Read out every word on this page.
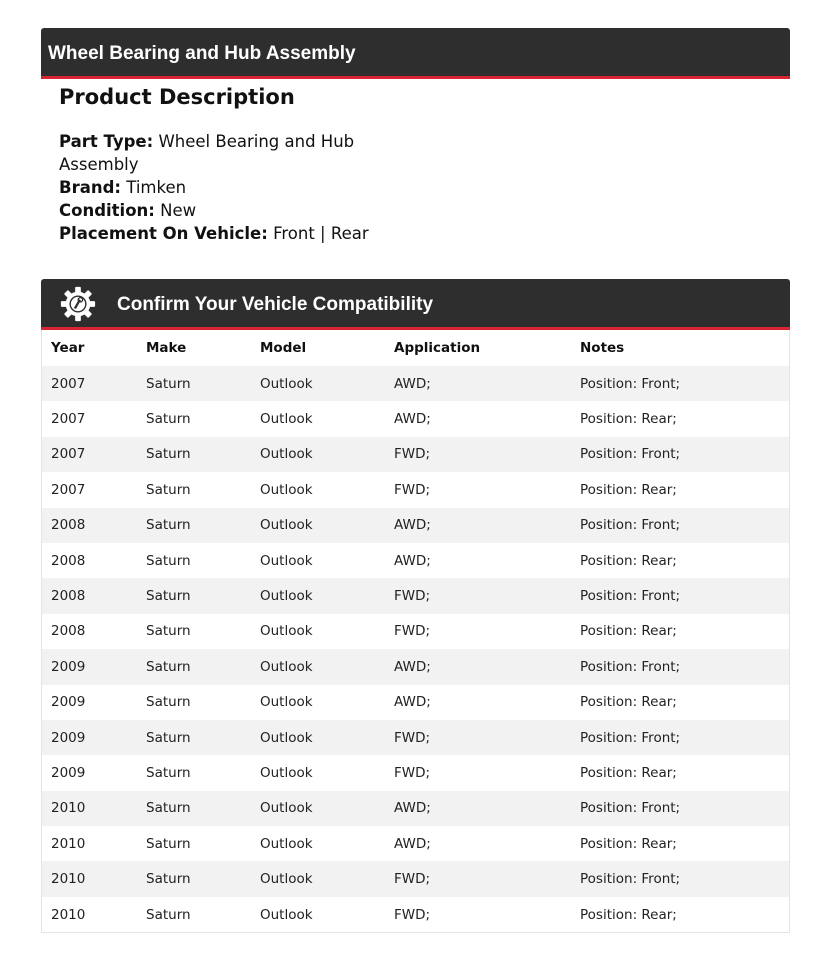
Wheel Bearing and Hub Assembly
Product Description
Part Type: Wheel Bearing and Hub Assembly
Brand: Timken
Condition: New
Placement On Vehicle: Front | Rear
Confirm Your Vehicle Compatibility
Year	Make	Model	Application	Notes
2007	Saturn	Outlook	AWD;	Position: Front;
2007	Saturn	Outlook	AWD;	Position: Rear;
2007	Saturn	Outlook	FWD;	Position: Front;
2007	Saturn	Outlook	FWD;	Position: Rear;
2008	Saturn	Outlook	AWD;	Position: Front;
2008	Saturn	Outlook	AWD;	Position: Rear;
2008	Saturn	Outlook	FWD;	Position: Front;
2008	Saturn	Outlook	FWD;	Position: Rear;
2009	Saturn	Outlook	AWD;	Position: Front;
2009	Saturn	Outlook	AWD;	Position: Rear;
2009	Saturn	Outlook	FWD;	Position: Front;
2009	Saturn	Outlook	FWD;	Position: Rear;
2010	Saturn	Outlook	AWD;	Position: Front;
2010	Saturn	Outlook	AWD;	Position: Rear;
2010	Saturn	Outlook	FWD;	Position: Front;
2010	Saturn	Outlook	FWD;	Position: Rear;
